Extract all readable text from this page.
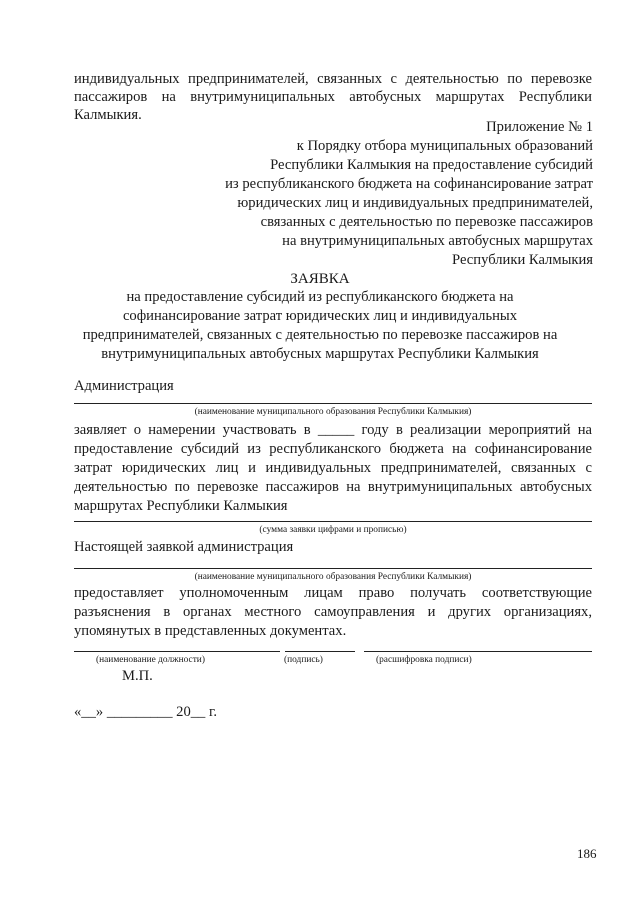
индивидуальных предпринимателей, связанных с деятельностью по перевозке
пассажиров на внутримуниципальных автобусных маршрутах Республики
Калмыкия.
Приложение № 1
к Порядку отбора муниципальных образований
Республики Калмыкия на предоставление субсидий
из республиканского бюджета на софинансирование затрат
юридических лиц и индивидуальных предпринимателей,
связанных с деятельностью по перевозке пассажиров
на внутримуниципальных автобусных маршрутах
Республики Калмыкия
ЗАЯВКА
на предоставление субсидий из республиканского бюджета на
софинансирование затрат юридических лиц и индивидуальных
предпринимателей, связанных с деятельностью по перевозке пассажиров на
внутримуниципальных автобусных маршрутах Республики Калмыкия
Администрация
(наименование муниципального образования Республики Калмыкия)
заявляет о намерении участвовать в _____ году в реализации мероприятий на
предоставление субсидий из республиканского бюджета на софинансирование
затрат юридических лиц и индивидуальных предпринимателей, связанных с
деятельностью по перевозке пассажиров на внутримуниципальных автобусных
маршрутах Республики Калмыкия
(сумма заявки цифрами и прописью)
Настоящей заявкой администрация
(наименование муниципального образования Республики Калмыкия)
предоставляет уполномоченным лицам право получать соответствующие
разъяснения в органах местного самоуправления и других организациях,
упомянутых в представленных документах.
(наименование должности)	(подпись)	(расшифровка подписи)
М.П.
«__» _________ 20__ г.
186
